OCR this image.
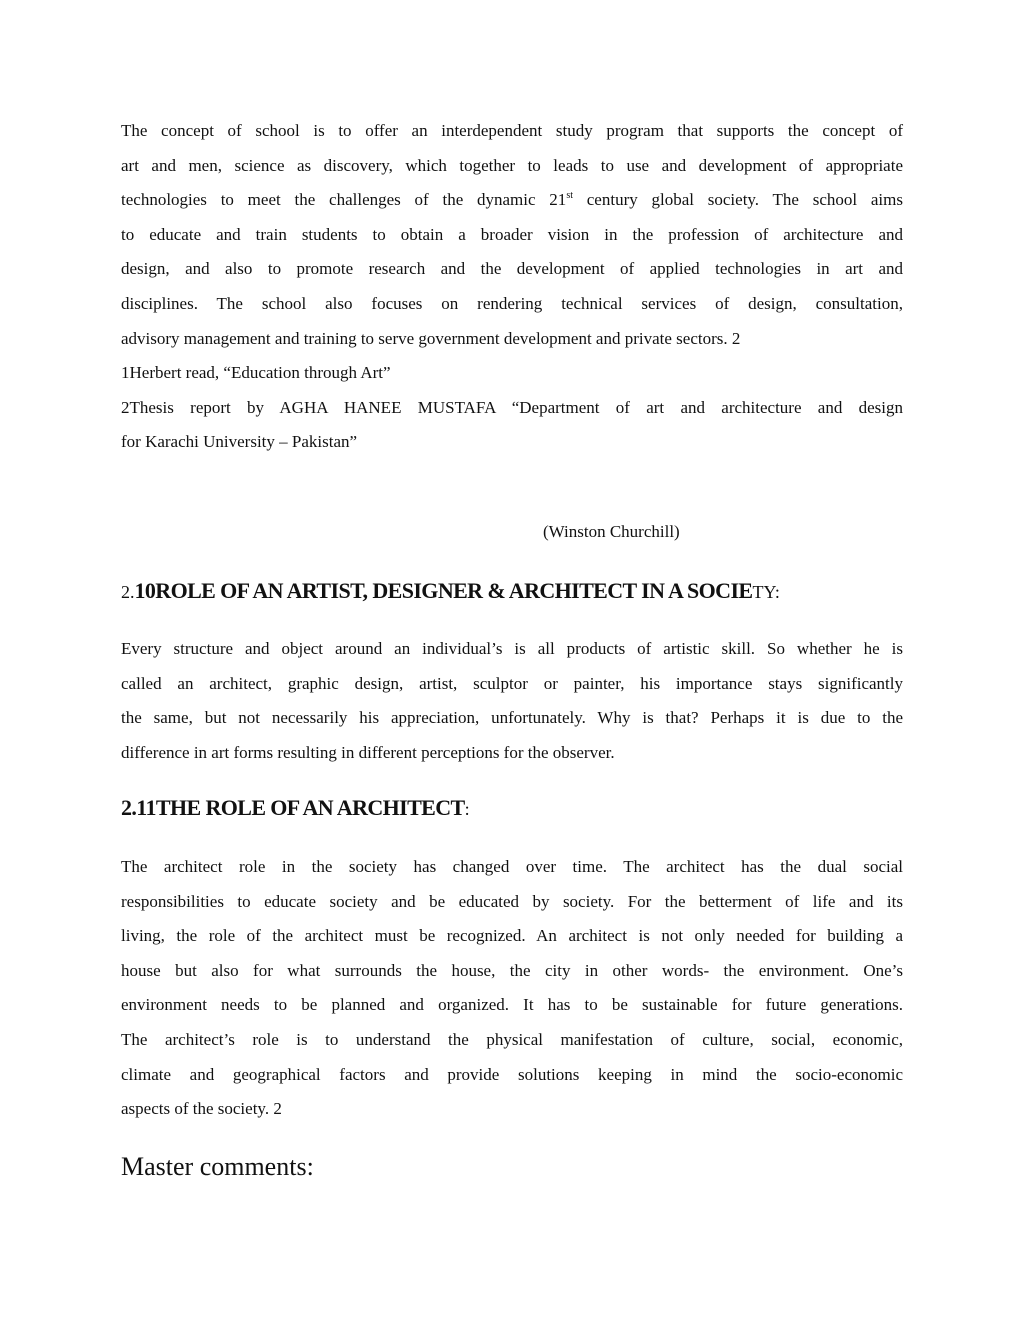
The concept of school is to offer an interdependent study program that supports the concept of
art and men, science as discovery, which together to leads to use and development of appropriate
technologies to meet the challenges of the dynamic 21st century global society. The school aims
to educate and train students to obtain a broader vision in the profession of architecture and
design, and also to promote research and the development of applied technologies in art and
disciplines. The school also focuses on rendering technical services of design, consultation,
advisory management and training to serve government development and private sectors. 2
1Herbert read, “Education through Art”
2Thesis report by AGHA HANEE MUSTAFA “Department of art and architecture and design
for Karachi University – Pakistan”
(Winston Churchill)
2.10ROLE OF AN ARTIST, DESIGNER & ARCHITECT IN A SOCIETY:
Every structure and object around an individual’s is all products of artistic skill. So whether he is
called an architect, graphic design, artist, sculptor or painter, his importance stays significantly
the same, but not necessarily his appreciation, unfortunately. Why is that? Perhaps it is due to the
difference in art forms resulting in different perceptions for the observer.
2.11THE ROLE OF AN ARCHITECT:
The architect role in the society has changed over time. The architect has the dual social
responsibilities to educate society and be educated by society. For the betterment of life and its
living, the role of the architect must be recognized. An architect is not only needed for building a
house but also for what surrounds the house, the city in other words- the environment. One’s
environment needs to be planned and organized. It has to be sustainable for future generations.
The architect’s role is to understand the physical manifestation of culture, social, economic,
climate and geographical factors and provide solutions keeping in mind the socio-economic
aspects of the society. 2
Master comments:
